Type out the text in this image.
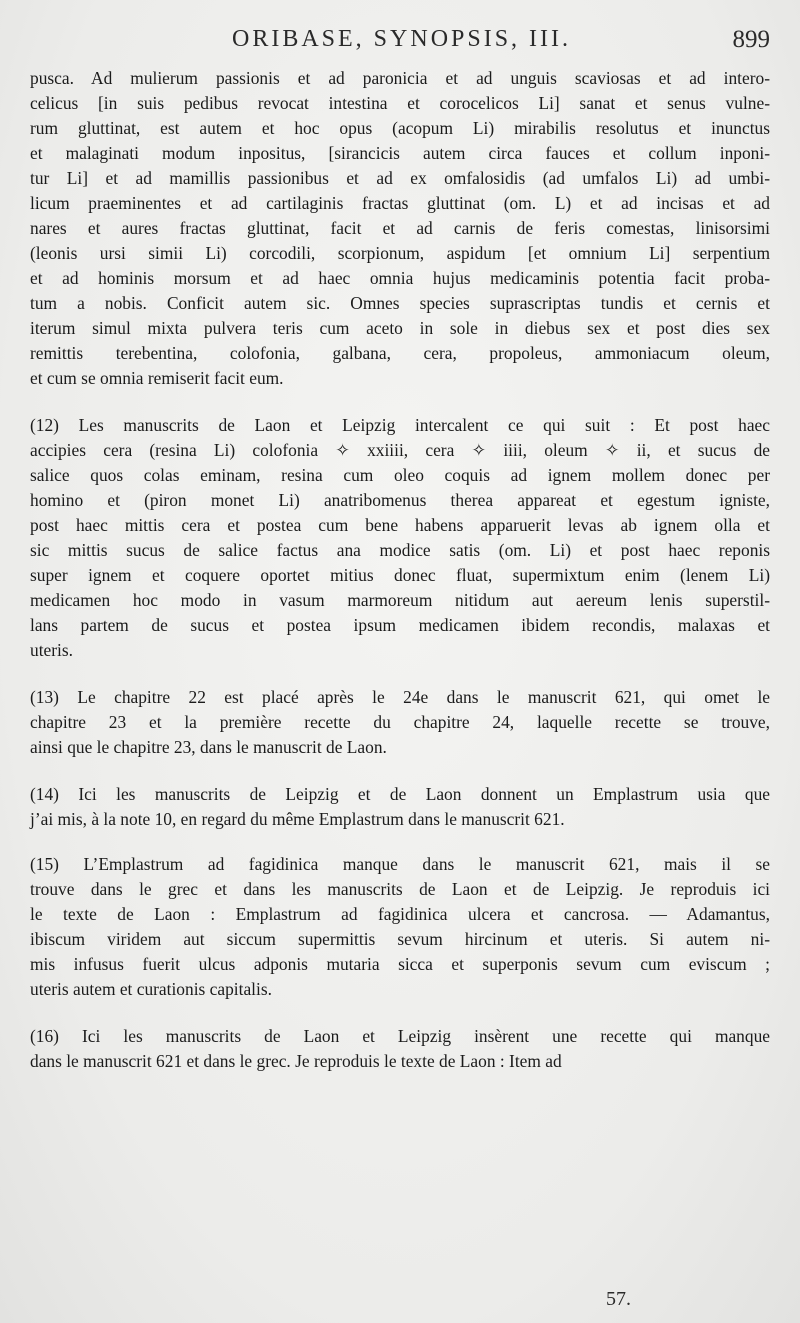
ORIBASE, SYNOPSIS, III.	899

pusca. Ad mulierum passionis et ad paronicia et ad unguis scaviosas et ad intero-
celicus [in suis pedibus revocat intestina et corocelicos Li] sanat et senus vulne-
rum gluttinat, est autem et hoc opus (acopum Li) mirabilis resolutus et inunctus
et malaginati modum inpositus, [sirancicis autem circa fauces et collum inponi-
tur Li] et ad mamillis passionibus et ad ex omfalosidis (ad umfalos Li) ad umbi-
licum praeminentes et ad cartilaginis fractas gluttinat (om. L) et ad incisas et ad
nares et aures fractas gluttinat, facit et ad carnis de feris comestas, linisorsimi
(leonis ursi simii Li) corcodili, scorpionum, aspidum [et omnium Li] serpentium
et ad hominis morsum et ad haec omnia hujus medicaminis potentia facit proba-
tum a nobis. Conficit autem sic. Omnes species suprascriptas tundis et cernis et
iterum simul mixta pulvera teris cum aceto in sole in diebus sex et post dies sex
remittis terebentina, colofonia, galbana, cera, propoleus, ammoniacum oleum,
et cum se omnia remiserit facit eum.

(12) Les manuscrits de Laon et Leipzig intercalent ce qui suit : Et post haec
accipies cera (resina Li) colofonia ✧ xxiiii, cera ✧ iiii, oleum ✧ ii, et sucus de
salice quos colas eminam, resina cum oleo coquis ad ignem mollem donec per
homino et (piron monet Li) anatribomenus therea appareat et egestum igniste,
post haec mittis cera et postea cum bene habens apparuerit levas ab ignem olla et
sic mittis sucus de salice factus ana modice satis (om. Li) et post haec reponis
super ignem et coquere oportet mitius donec fluat, supermixtum enim (lenem Li)
medicamen hoc modo in vasum marmoreum nitidum aut aereum lenis superstil-
lans partem de sucus et postea ipsum medicamen ibidem recondis, malaxas et
uteris.

(13) Le chapitre 22 est placé après le 24e dans le manuscrit 621, qui omet le
chapitre 23 et la première recette du chapitre 24, laquelle recette se trouve,
ainsi que le chapitre 23, dans le manuscrit de Laon.

(14) Ici les manuscrits de Leipzig et de Laon donnent un Emplastrum usia que
j’ai mis, à la note 10, en regard du même Emplastrum dans le manuscrit 621.

(15) L’Emplastrum ad fagidinica manque dans le manuscrit 621, mais il se
trouve dans le grec et dans les manuscrits de Laon et de Leipzig. Je reproduis ici
le texte de Laon : Emplastrum ad fagidinica ulcera et cancrosa. — Adamantus,
ibiscum viridem aut siccum supermittis sevum hircinum et uteris. Si autem ni-
mis infusus fuerit ulcus adponis mutaria sicca et superponis sevum cum eviscum ;
uteris autem et curationis capitalis.

(16) Ici les manuscrits de Laon et Leipzig insèrent une recette qui manque
dans le manuscrit 621 et dans le grec. Je reproduis le texte de Laon : Item ad

57.
